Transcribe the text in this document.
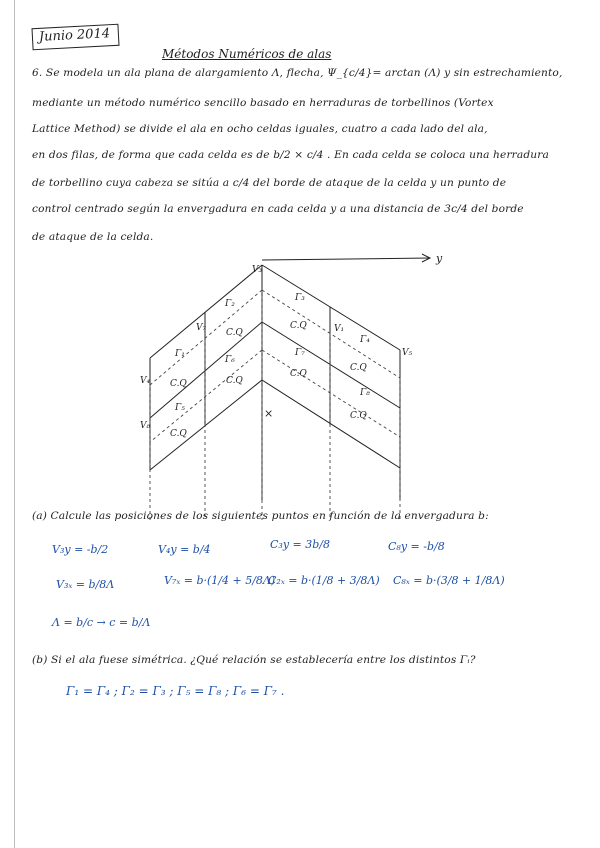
Junio 2014
Métodos Numéricos de alas
6. Se modela un ala plana de alargamiento Λ, flecha, Ψ_{c/4}= arctan (Λ) y sin estrechamiento,
mediante un método numérico sencillo basado en herraduras de torbellinos (Vortex
Lattice Method) se divide el ala en ocho celdas iguales, cuatro a cada lado del ala,
en dos filas, de forma que cada celda es de b/2 × c/4 . En cada celda se coloca una herradura
de torbellino cuya cabeza se sitúa a c/4 del borde de ataque de la celda y un punto de
control centrado según la envergadura en cada celda y a una distancia de 3c/4 del borde
de ataque de la celda.
V₃
V₇
V₄
V₈
V₁
V₅
Γ₃
Γ₄
Γ₂
Γ₁
Γ₆
Γ₅
Γ₇
Γ₈
C.Q
C.Q	C.Q
C.Q
C.Q
C.Q
C.Q
C.Q
×
y
(a) Calcule las posiciones de los siguientes puntos en función de la envergadura b:
V₃y = -b/2	V₄y = b/4	C₃y = 3b/8	C₈y = -b/8
V₃ₓ = b/8Λ	V₇ₓ = b·(1/4 + 5/8Λ)
C₂ₓ = b·(1/8 + 3/8Λ) C₈ₓ = b·(3/8 + 1/8Λ)
Λ = b/c → c = b/Λ
(b) Si el ala fuese simétrica. ¿Qué relación se establecería entre los distintos Γᵢ?
Γ₁ = Γ₄ ; Γ₂ = Γ₃ ; Γ₅ = Γ₈ ; Γ₆ = Γ₇ .
